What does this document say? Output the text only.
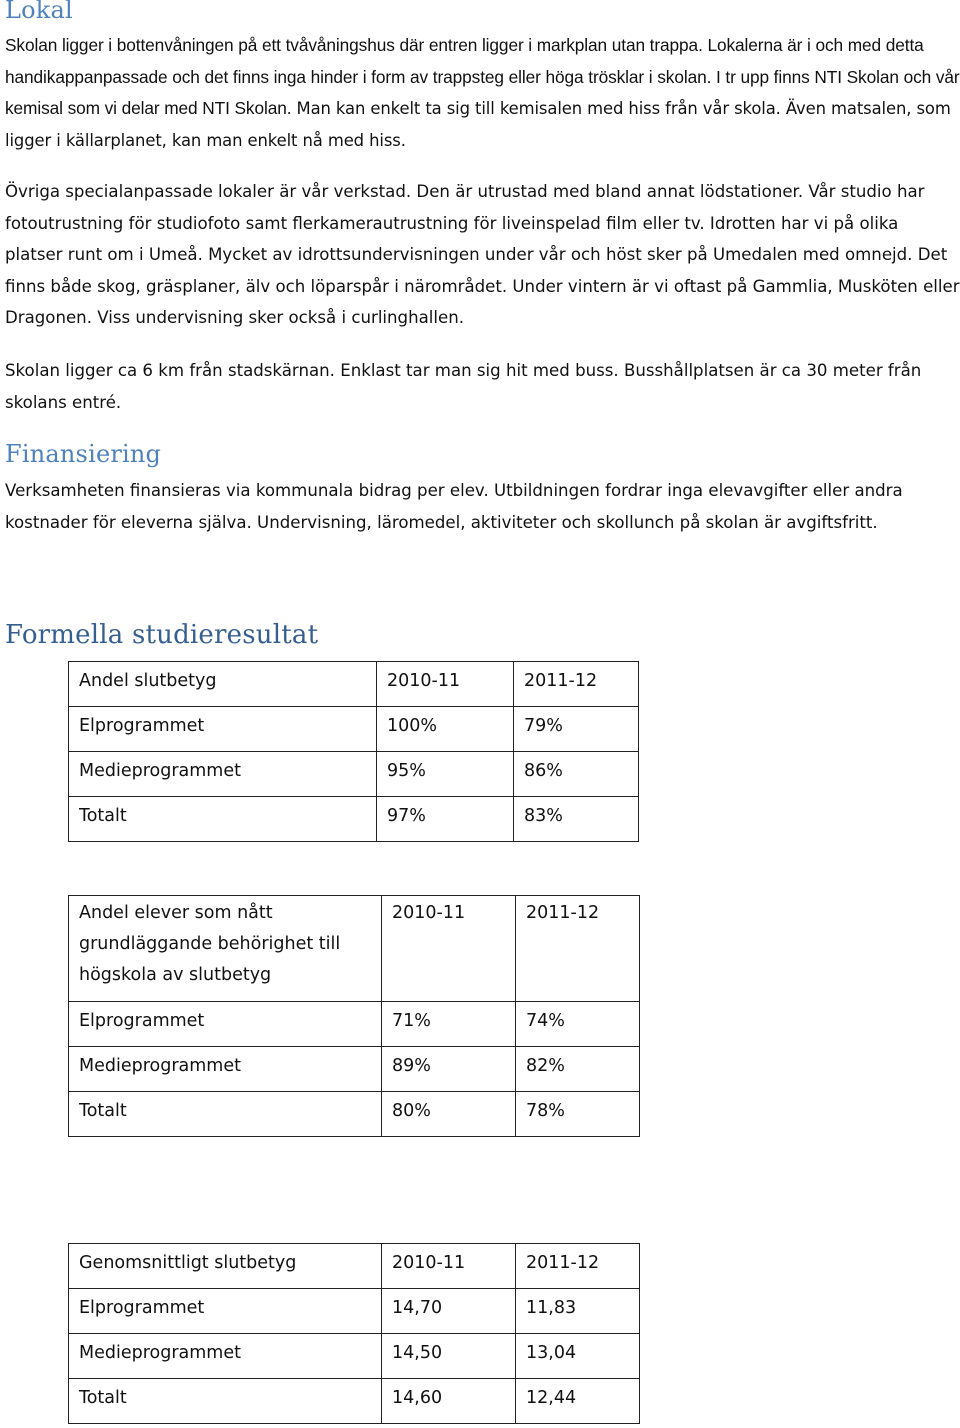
Lokal

Skolan ligger i bottenvåningen på ett tvåvåningshus där entren ligger i markplan utan trappa. Lokalerna är i och med detta handikappanpassade och det finns inga hinder i form av trappsteg eller höga trösklar i skolan. I tr upp finns NTI Skolan och vår kemisal som vi delar med NTI Skolan. Man kan enkelt ta sig till kemisalen med hiss från vår skola. Även matsalen, som ligger i källarplanet, kan man enkelt nå med hiss.

Övriga specialanpassade lokaler är vår verkstad. Den är utrustad med bland annat lödstationer. Vår studio har fotoutrustning för studiofoto samt flerkamerautrustning för liveinspelad film eller tv. Idrotten har vi på olika platser runt om i Umeå. Mycket av idrottsundervisningen under vår och höst sker på Umedalen med omnejd. Det finns både skog, gräsplaner, älv och löparspår i närområdet. Under vintern är vi oftast på Gammlia, Musköten eller Dragonen. Viss undervisning sker också i curlinghallen.

Skolan ligger ca 6 km från stadskärnan. Enklast tar man sig hit med buss. Busshållplatsen är ca 30 meter från skolans entré.

Finansiering

Verksamheten finansieras via kommunala bidrag per elev. Utbildningen fordrar inga elevavgifter eller andra kostnader för eleverna själva. Undervisning, läromedel, aktiviteter och skollunch på skolan är avgiftsfritt.

Formella studieresultat
Andel slutbetyg	2010-11	2011-12

Elprogrammet	100%	79%

Medieprogrammet	95%	86%

Totalt	97%	83%
Andel elever som nått grundläggande behörighet till högskola av slutbetyg	2010-11	2011-12

Elprogrammet	71%	74%

Medieprogrammet	89%	82%

Totalt	80%	78%
Genomsnittligt slutbetyg	2010-11	2011-12

Elprogrammet	14,70	11,83

Medieprogrammet	14,50	13,04

Totalt	14,60	12,44
